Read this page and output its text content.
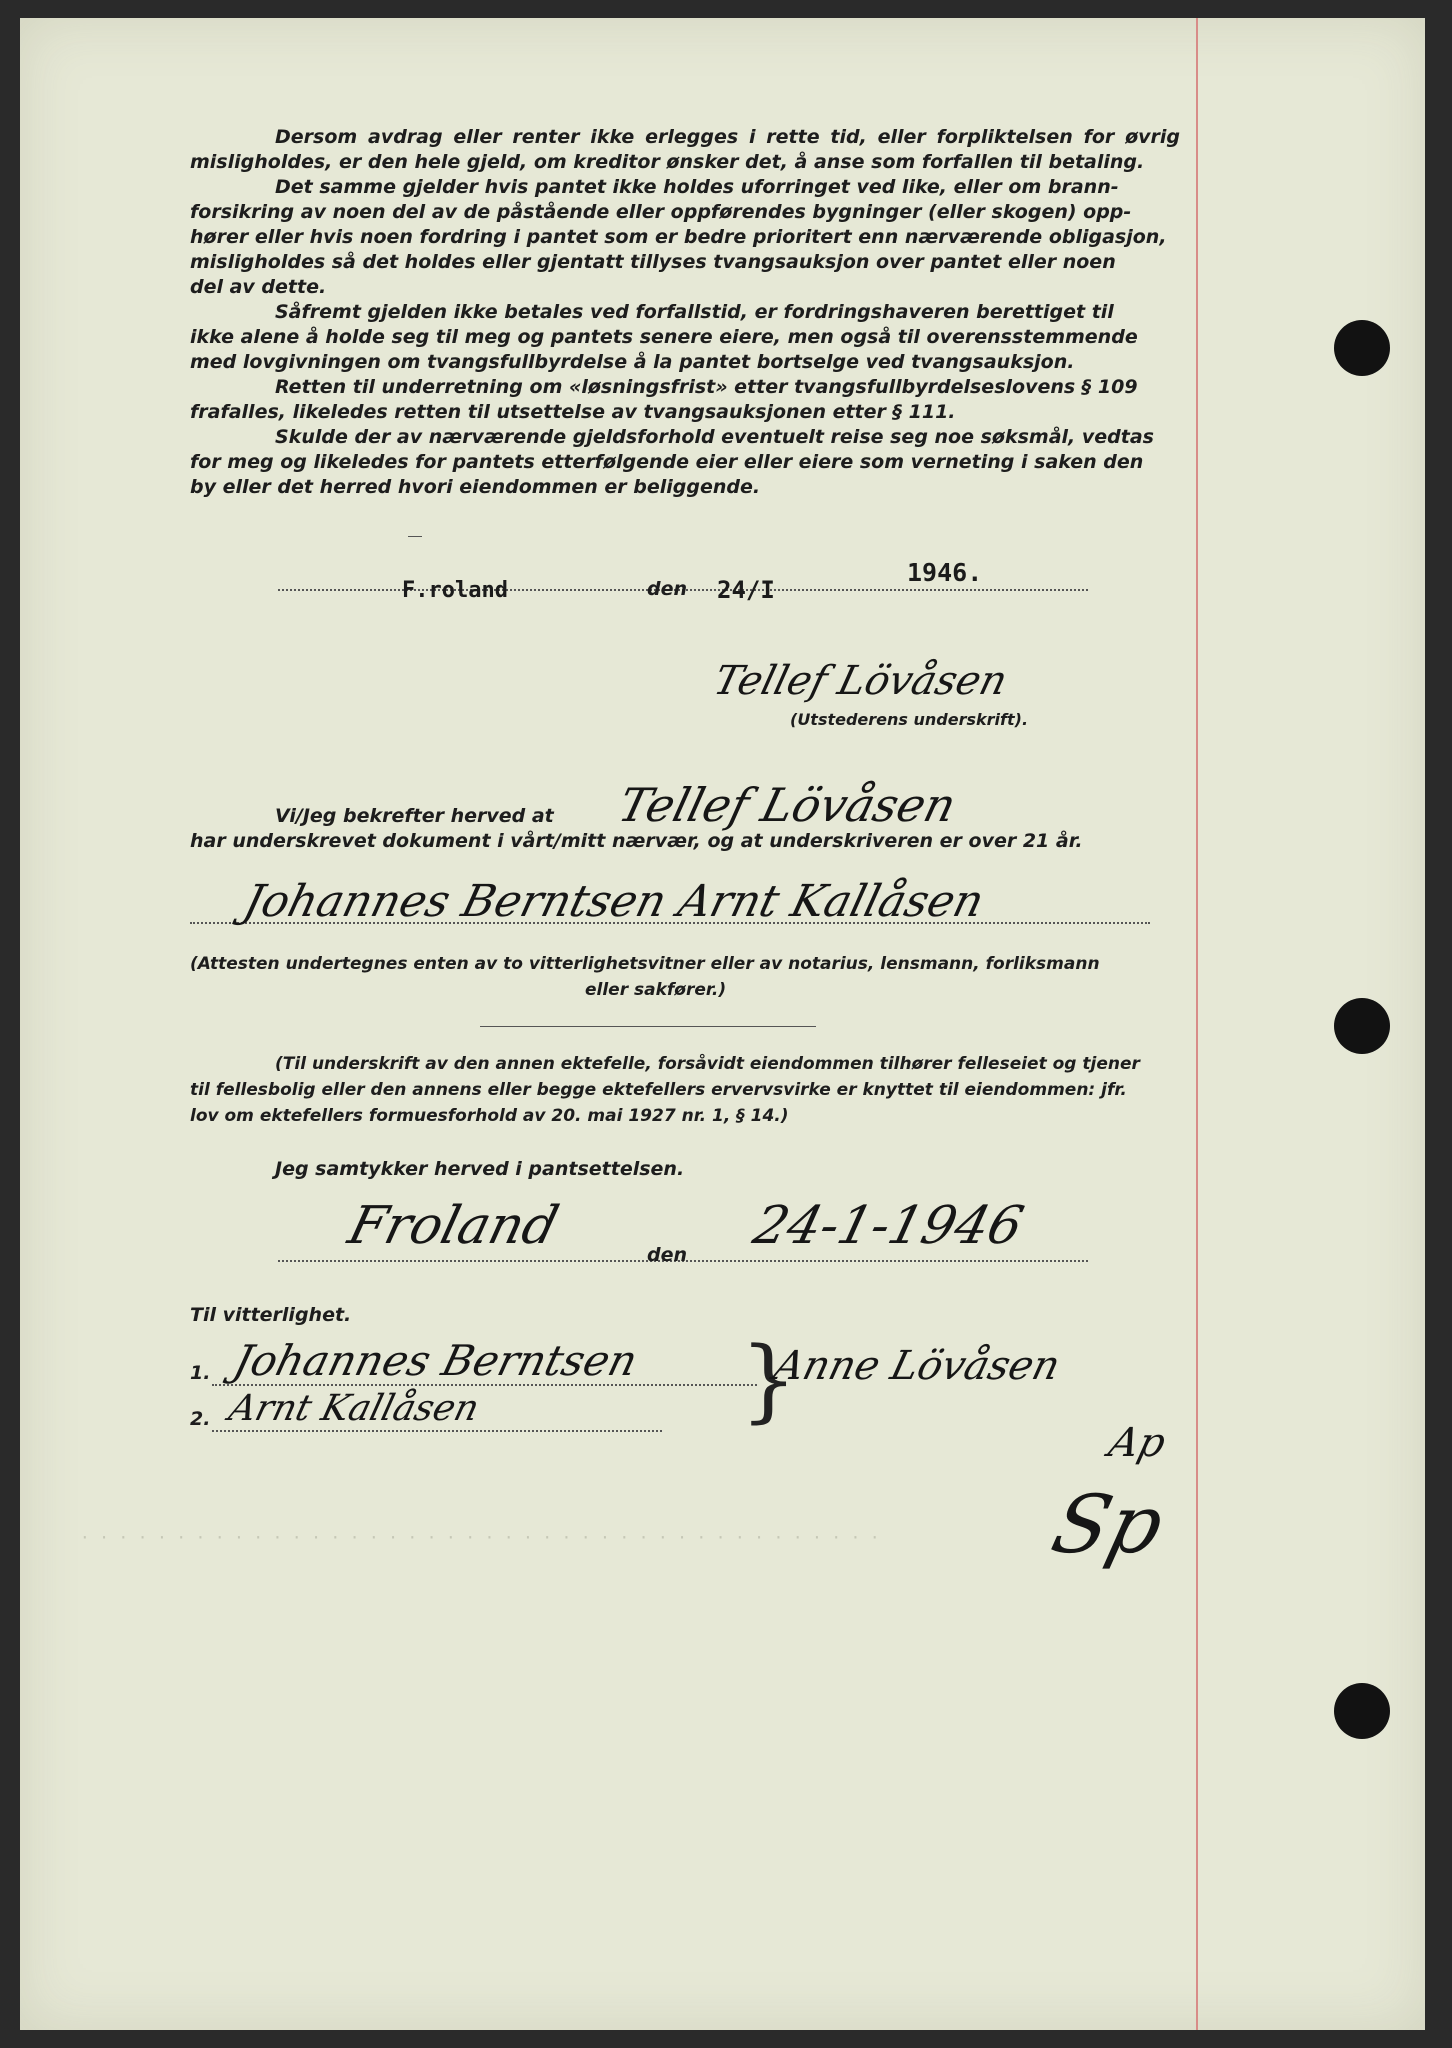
· · · · · · · · · · · · · · · · · · · · · · · · · · · · · · · · · · · · · · · · · ·
Dersom avdrag eller renter ikke erlegges i rette tid, eller forpliktelsen for øvrig
misligholdes, er den hele gjeld, om kreditor ønsker det, å anse som forfallen til betaling.
Det samme gjelder hvis pantet ikke holdes uforringet ved like, eller om brann-
forsikring av noen del av de påstående eller oppførendes bygninger (eller skogen) opp-
hører eller hvis noen fordring i pantet som er bedre prioritert enn nærværende obligasjon,
misligholdes så det holdes eller gjentatt tillyses tvangsauksjon over pantet eller noen
del av dette.
Såfremt gjelden ikke betales ved forfallstid, er fordringshaveren berettiget til
ikke alene å holde seg til meg og pantets senere eiere, men også til overensstemmende
med lovgivningen om tvangsfullbyrdelse å la pantet bortselge ved tvangsauksjon.
Retten til underretning om «løsningsfrist» etter tvangsfullbyrdelseslovens § 109
frafalles, likeledes retten til utsettelse av tvangsauksjonen etter § 111.
Skulde der av nærværende gjeldsforhold eventuelt reise seg noe søksmål, vedtas
for meg og likeledes for pantets etterfølgende eier eller eiere som verneting i saken den
by eller det herred hvori eiendommen er beliggende.
F.roland	den 24/I
1946.
Tellef Lövåsen
(Utstederens underskrift).
Vi/Jeg bekrefter herved at Tellef Lövåsen
har underskrevet dokument i vårt/mitt nærvær, og at underskriveren er over 21 år.
Johannes Berntsen Arnt Kallåsen
(Attesten undertegnes enten av to vitterlighetsvitner eller av notarius, lensmann, forliksmann
eller sakfører.)
(Til underskrift av den annen ektefelle, forsåvidt eiendommen tilhører felleseiet og tjener
til fellesbolig eller den annens eller begge ektefellers ervervsvirke er knyttet til eiendommen: jfr.
lov om ektefellers formuesforhold av 20. mai 1927 nr. 1, § 14.)
Jeg samtykker herved i pantsettelsen.
Froland	den 24-1-1946
Til vitterlighet.
1.
2.
Johannes Berntsen
Arnt Kallåsen	}
Anne Lövåsen
Ap
Sp
